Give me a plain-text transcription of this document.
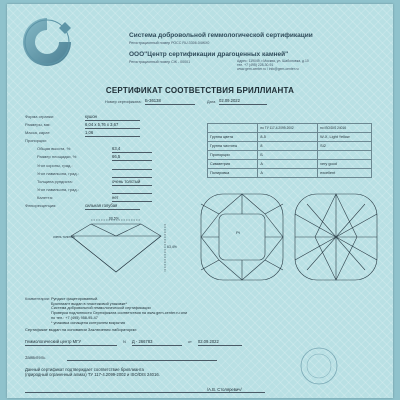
Система добровольной геммологической сертификации
Регистрационный номер РОСС RU.З306.04ЖХ0
ООО"Центр сертификации драгоценных камней"
Регистрационный номер СЖ - 00001	Адрес: 119049, г.Москва, ул. Шаболовка, д.10
тел. +7 (495) 228-30-91
www.gem-center.ru / info@gem-center.ru
СЕРТИФИКАТ СООТВЕТСТВИЯ БРИЛЛИАНТА
Номер сертификата: Б-36138	Дата 02.09.2022
Форма огранки:	кушон
Размеры, мм:	6,04 x 5,76 x 3,67
Масса, карат:	1,06
Пропорции:
Общая высота, %:	63,4
Размер площадки, %:	66,5
Угол короны, град.:
Угол павильона, град.:
Толщина рундиста:	очень толстый
Угол павильона, град.:
Калетта:	нет
Флюоресценция:	сильная голубая
	по ТУ 117-4.2099-2002	по ISO/DIS 24016
Группа цвета	8-5	W-X, Light Yellow
Группа чистоты	8	SI2
Пропорции	Б	
Симметрия	A	very good
Полировка	A	excellent
Pt
66,5%
63,4%
очень толстый
Комментарии: Рундист фацетированный.
Бриллиант выдан в пластиковой упаковке*
Система добровольной геммологической сертификации
Проверка подлинности Сертификата соответствия на www.gem-center.ru или
по тел.: +7 (495) 958-95-47
* упаковка оснащена контролем вскрытия
Сертификат выдан на основании Заключения лаборатории:
Геммологический центр МГУ	N Д - 266783	от 02.09.2022
Заявитель
Данный сертификат подтверждает соответствие бриллианта
(природный ограненный алмаз) ТУ 117-4.2099-2002 и ISO/DIS 24016.
/А.В. Столяревич/
